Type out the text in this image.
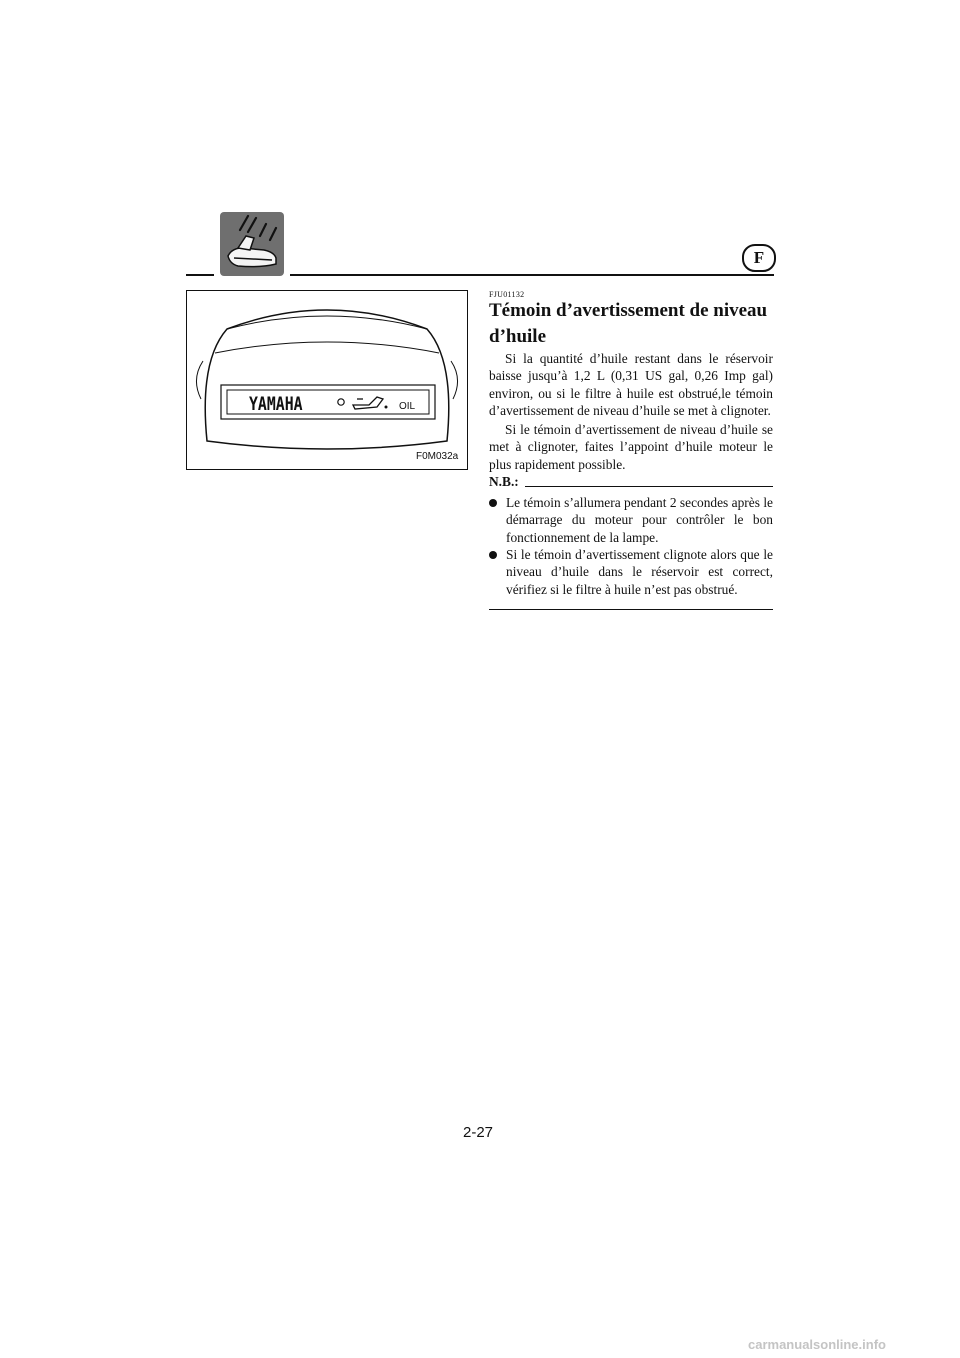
F
YAMAHA	OIL
F0M032a
FJU01132
Témoin d’avertissement de niveau d’huile

Si la quantité d’huile restant dans le réservoir baisse jusqu’à 1,2 L (0,31 US gal, 0,26 Imp gal) environ, ou si le filtre à huile est obstrué,le témoin d’avertissement de niveau d’huile se met à clignoter.

Si le témoin d’avertissement de niveau d’huile se met à clignoter, faites l’appoint d’huile moteur le plus rapidement possible.

N.B.:
Le témoin s’allumera pendant 2 secondes après le démarrage du moteur pour contrôler le bon fonctionnement de la lampe.
Si le témoin d’avertissement clignote alors que le niveau d’huile dans le réservoir est correct, vérifiez si le filtre à huile n’est pas obstrué.
2-27
carmanualsonline.info
